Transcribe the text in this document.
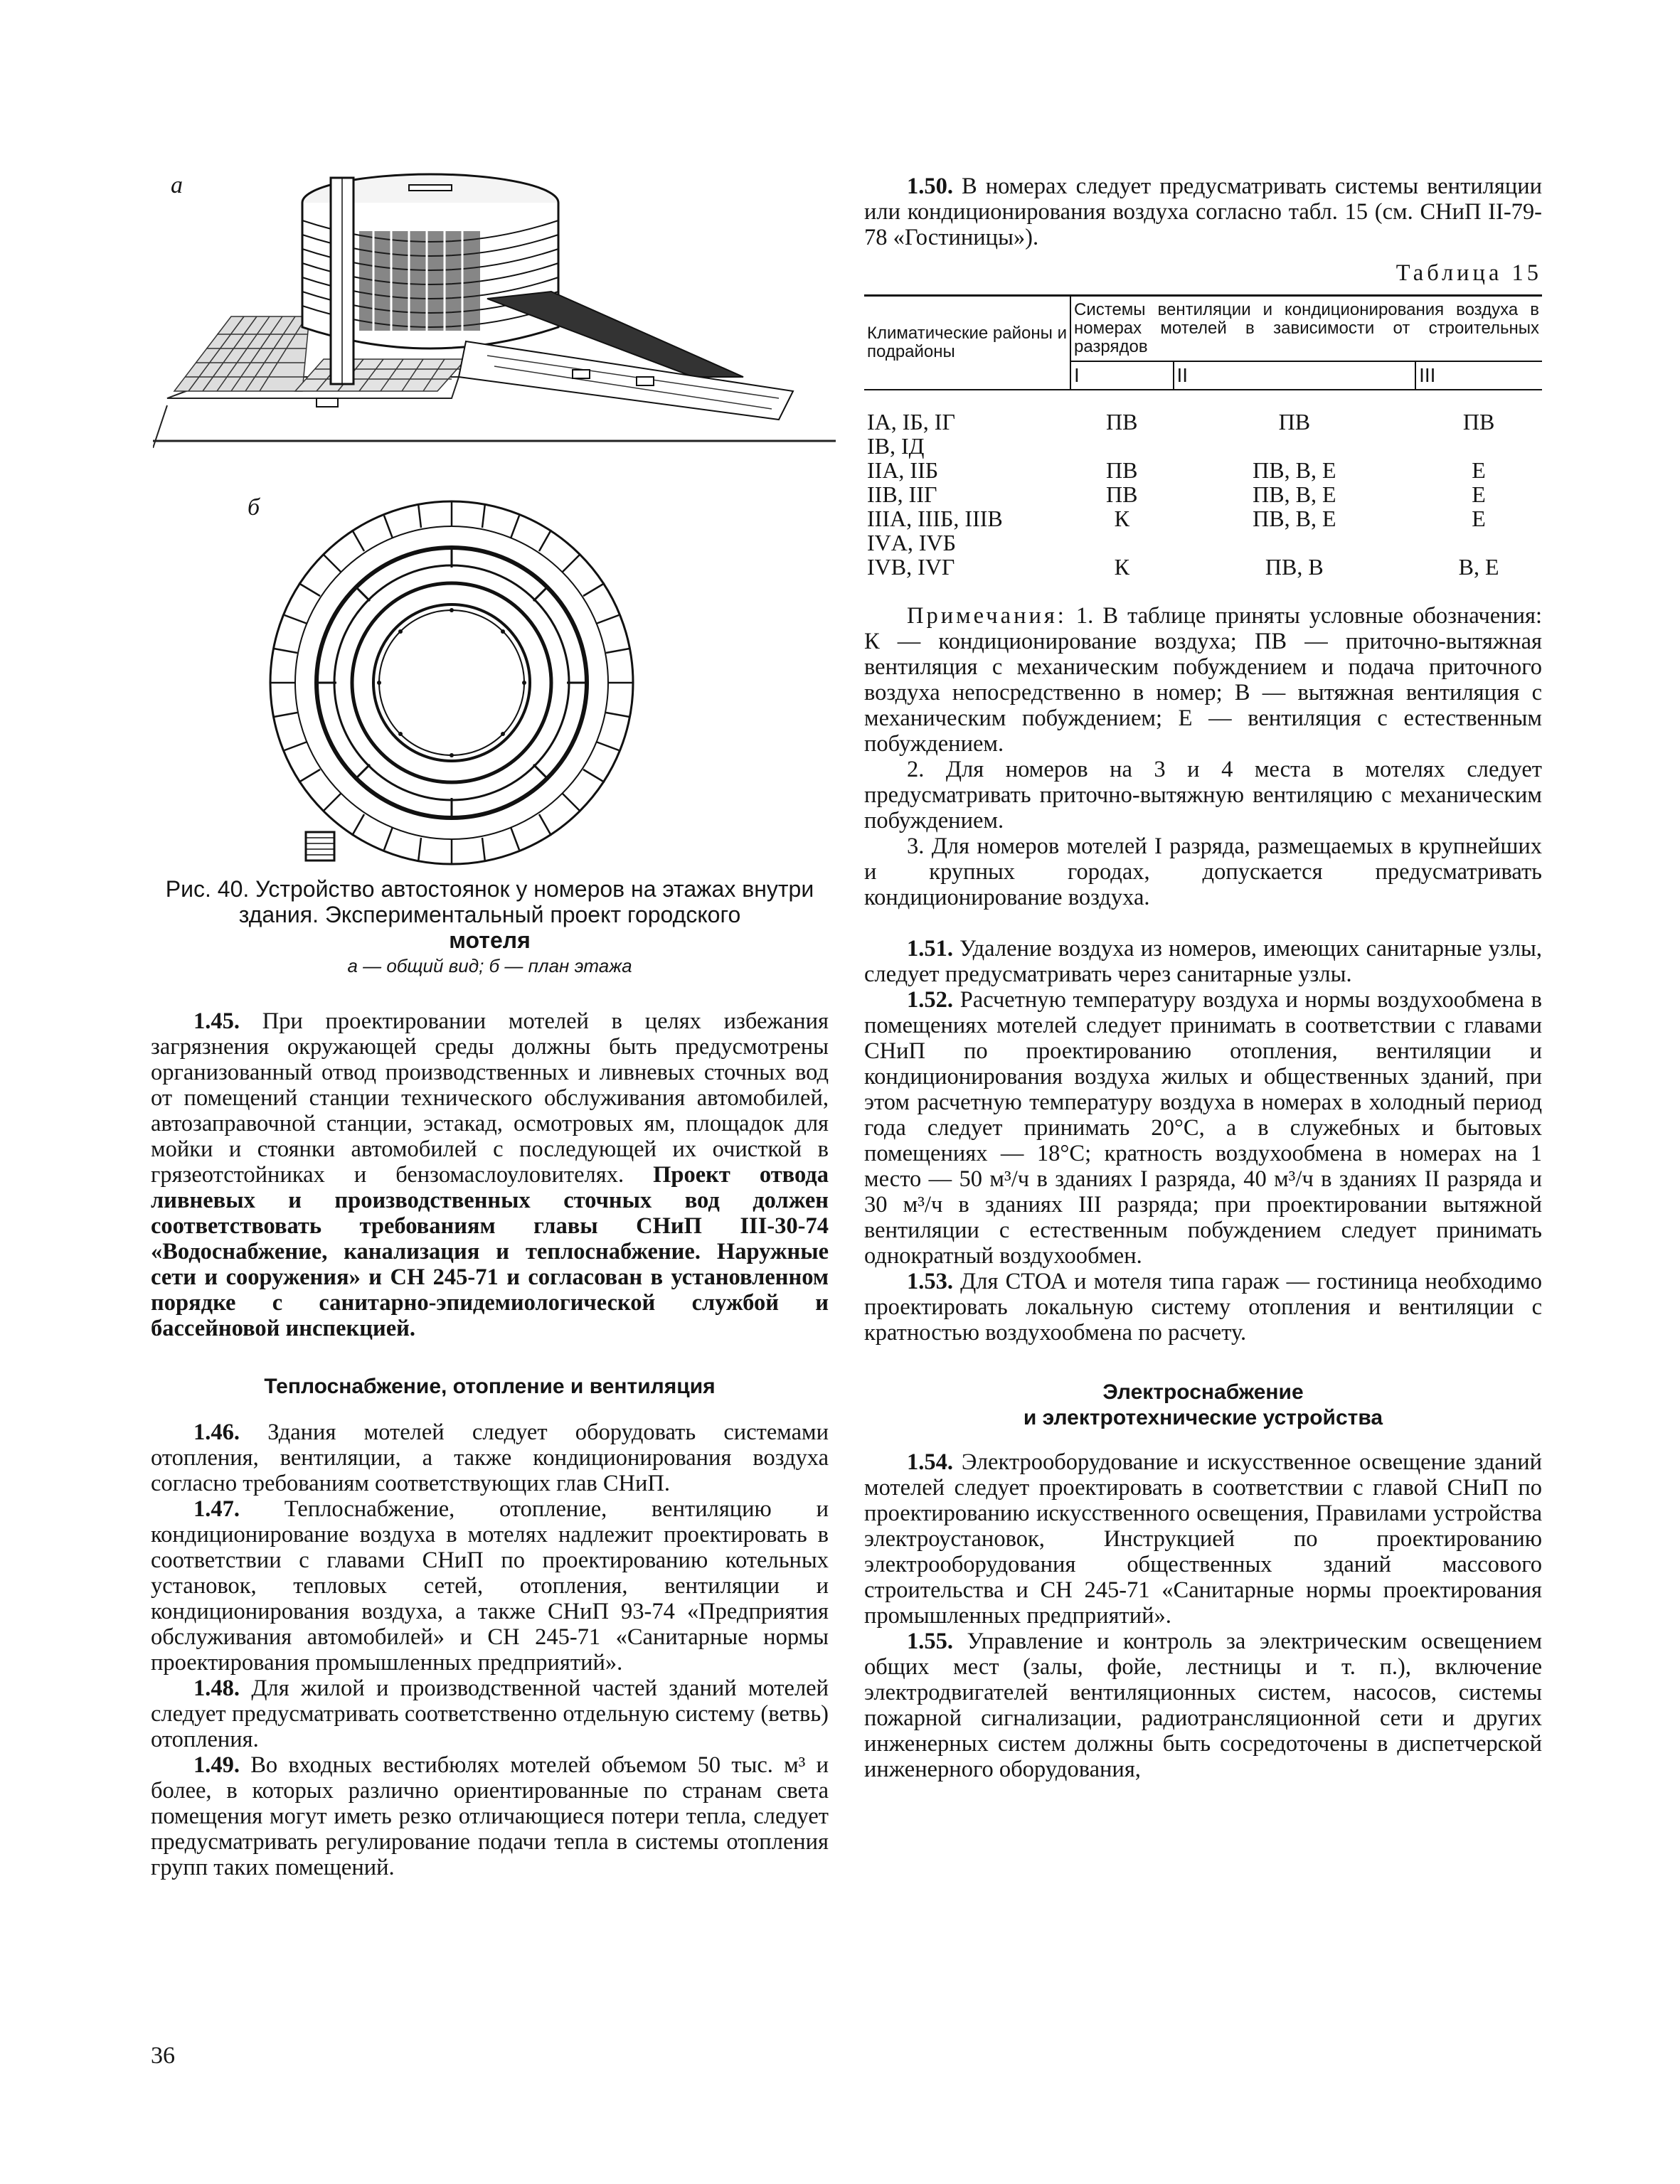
а
б
Рис. 40. Устройство автостоянок у номеров на этажах внутри здания. Экспериментальный проект городского
мотеля
а — общий вид; б — план этажа

1.45. При проектировании мотелей в целях избежания загрязнения окружающей среды должны быть предусмотрены организованный отвод производственных и ливневых сточных вод от помещений станции технического обслуживания автомобилей, автозаправочной станции, эстакад, осмотровых ям, площадок для мойки и стоянки автомобилей с последующей их очисткой в грязеотстойниках и бензомаслоуловителях. Проект отвода ливневых и производственных сточных вод должен соответствовать требованиям главы СНиП III-30-74 «Водоснабжение, канализация и теплоснабжение. Наружные сети и сооружения» и СН 245-71 и согласован в установленном порядке с санитарно-эпидемиологической службой и бассейновой инспекцией.

Теплоснабжение, отопление и вентиляция

1.46. Здания мотелей следует оборудовать системами отопления, вентиляции, а также кондиционирования воздуха согласно требованиям соответствующих глав СНиП.

1.47. Теплоснабжение, отопление, вентиляцию и кондиционирование воздуха в мотелях надлежит проектировать в соответствии с главами СНиП по проектированию котельных установок, тепловых сетей, отопления, вентиляции и кондиционирования воздуха, а также СНиП 93-74 «Предприятия обслуживания автомобилей» и СН 245-71 «Санитарные нормы проектирования промышленных предприятий».

1.48. Для жилой и производственной частей зданий мотелей следует предусматривать соответственно отдельную систему (ветвь) отопления.

1.49. Во входных вестибюлях мотелей объемом 50 тыс. м³ и более, в которых различно ориентированные по странам света помещения могут иметь резко отличающиеся потери тепла, следует предусматривать регулирование подачи тепла в системы отопления групп таких помещений.

36

1.50. В номерах следует предусматривать системы вентиляции или кондиционирования воздуха согласно табл. 15 (см. СНиП II-79-78 «Гостиницы»).

Таблица 15
Климатические районы и подрайоны	Системы вентиляции и кондиционирования воздуха в номерах мотелей в зависимости от строительных разрядов		
	I	II	III

IА, IБ, IГ	ПВ	ПВ	ПВ
IВ, IД			
IIА, IIБ	ПВ	ПВ, В, Е	Е
IIВ, IIГ	ПВ	ПВ, В, Е	Е
IIIА, IIIБ, IIIВ	К	ПВ, В, Е	Е
IVА, IVБ			
IVВ, IVГ	К	ПВ, В	В, Е

Примечания: 1. В таблице приняты условные обозначения: К — кондиционирование воздуха; ПВ — приточно-вытяжная вентиляция с механическим побуждением и подача приточного воздуха непосредственно в номер; В — вытяжная вентиляция с механическим побуждением; Е — вентиляция с естественным побуждением.

2. Для номеров на 3 и 4 места в мотелях следует предусматривать приточно-вытяжную вентиляцию с механическим побуждением.

3. Для номеров мотелей I разряда, размещаемых в крупнейших и крупных городах, допускается предусматривать кондиционирование воздуха.

1.51. Удаление воздуха из номеров, имеющих санитарные узлы, следует предусматривать через санитарные узлы.

1.52. Расчетную температуру воздуха и нормы воздухообмена в помещениях мотелей следует принимать в соответствии с главами СНиП по проектированию отопления, вентиляции и кондиционирования воздуха жилых и общественных зданий, при этом расчетную температуру воздуха в номерах в холодный период года следует принимать 20°С, а в служебных и бытовых помещениях — 18°С; кратность воздухообмена в номерах на 1 место — 50 м³/ч в зданиях I разряда, 40 м³/ч в зданиях II разряда и 30 м³/ч в зданиях III разряда; при проектировании вытяжной вентиляции с естественным побуждением следует принимать однократный воздухообмен.

1.53. Для СТОА и мотеля типа гараж — гостиница необходимо проектировать локальную систему отопления и вентиляции с кратностью воздухообмена по расчету.

Электроснабжение
и электротехнические устройства

1.54. Электрооборудование и искусственное освещение зданий мотелей следует проектировать в соответствии с главой СНиП по проектированию искусственного освещения, Правилами устройства электроустановок, Инструкцией по проектированию электрооборудования общественных зданий массового строительства и СН 245-71 «Санитарные нормы проектирования промышленных предприятий».

1.55. Управление и контроль за электрическим освещением общих мест (залы, фойе, лестницы и т. п.), включение электродвигателей вентиляционных систем, насосов, системы пожарной сигнализации, радиотрансляционной сети и других инженерных систем должны быть сосредоточены в диспетчерской инженерного оборудования,
